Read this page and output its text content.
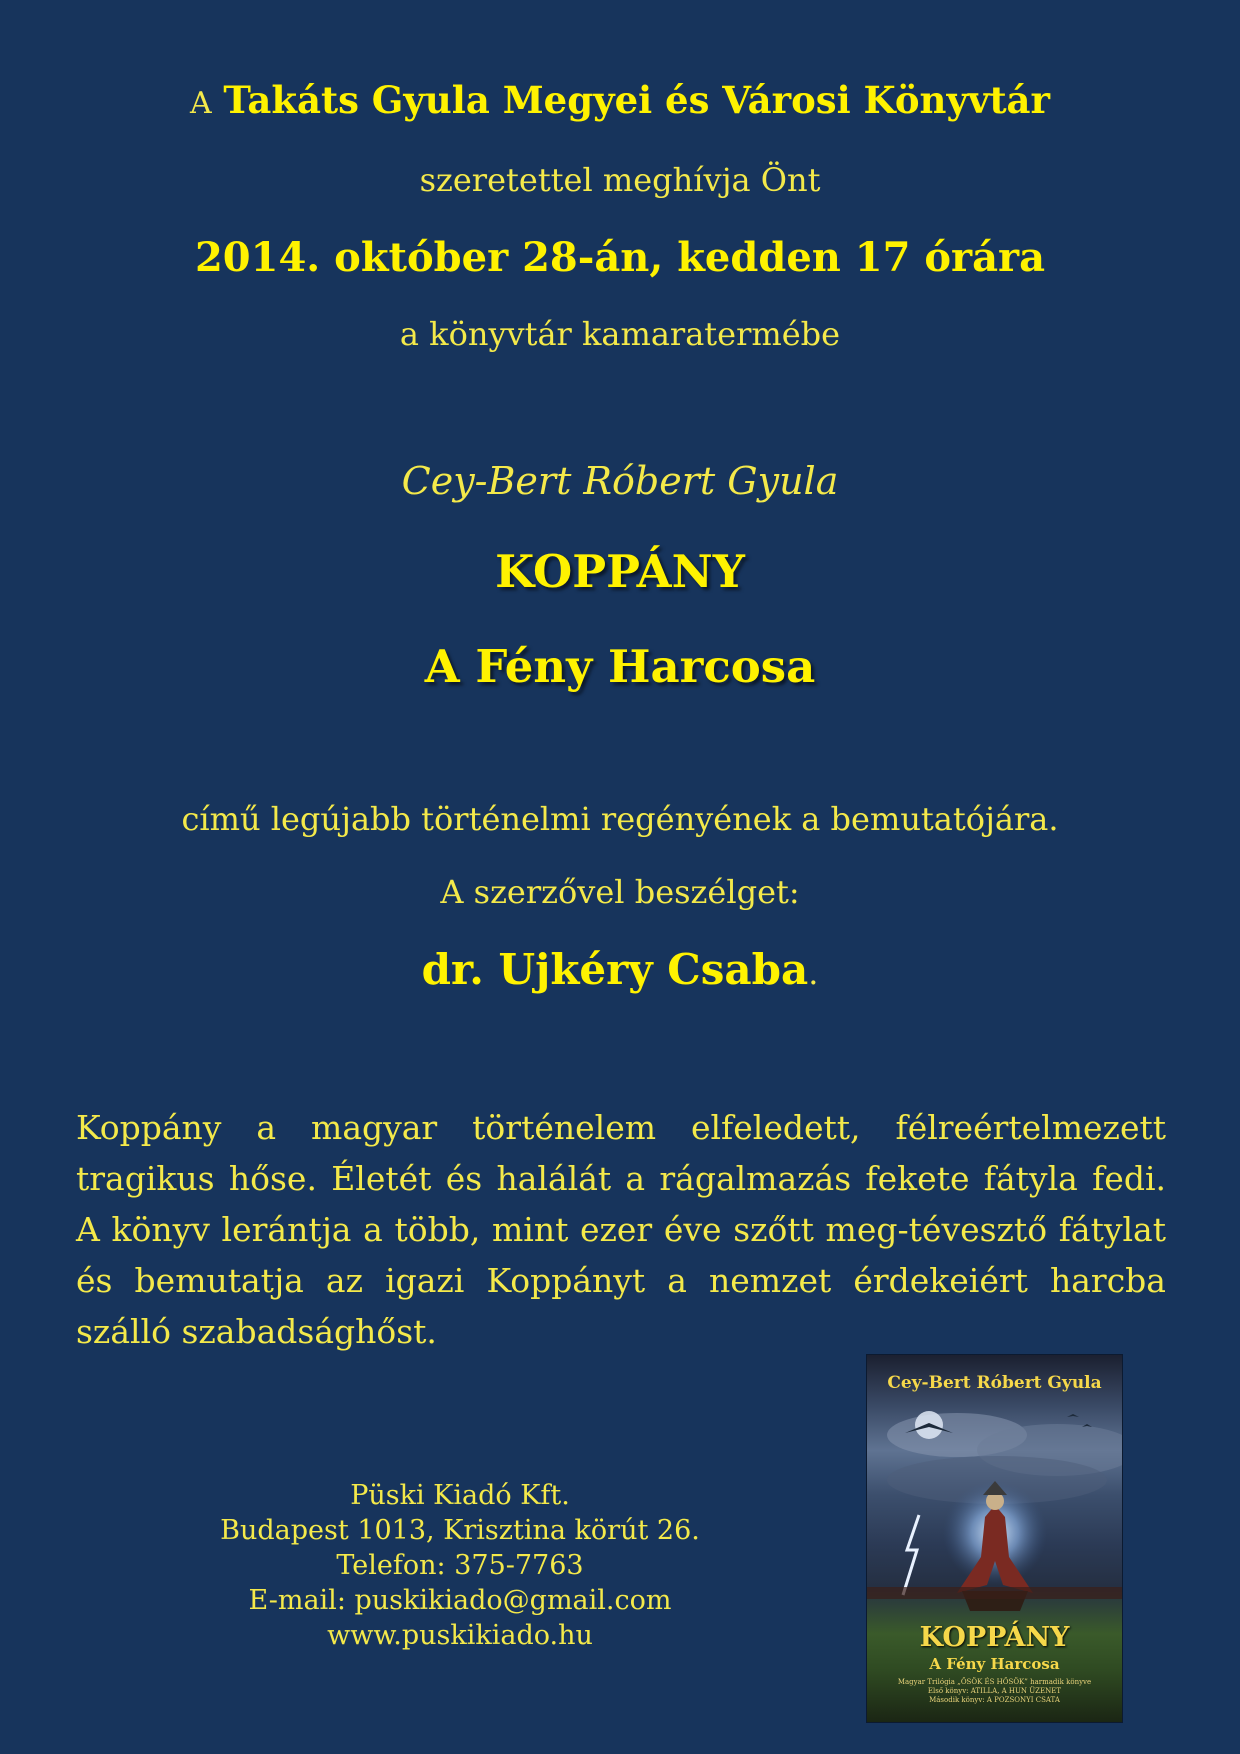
A Takáts Gyula Megyei és Városi Könyvtár
szeretettel meghívja Önt
2014. október 28-án, kedden 17 órára
a könyvtár kamaratermébe
Cey-Bert Róbert Gyula
KOPPÁNY
A Fény Harcosa
című legújabb történelmi regényének a bemutatójára.
A szerzővel beszélget:
dr. Ujkéry Csaba.

Koppány a magyar történelem elfeledett, félreértelmezett tragikus hőse. Életét és halálát a rágalmazás fekete fátyla fedi. A könyv lerántja a több, mint ezer éve szőtt meg-tévesztő fátylat és bemutatja az igazi Koppányt a nemzet érdekeiért harcba szálló szabadsághőst.

Püski Kiadó Kft.
Budapest 1013, Krisztina körút 26.
Telefon: 375-7763
E-mail: puskikiado@gmail.com
www.puskikiado.hu
Cey-Bert Róbert Gyula
KOPPÁNY
A Fény Harcosa
Magyar Trilógia „ŐSÖK ÉS HŐSÖK” harmadik könyve
Első könyv: ATILLA, A HUN ÜZENET
Második könyv: A POZSONYI CSATA
